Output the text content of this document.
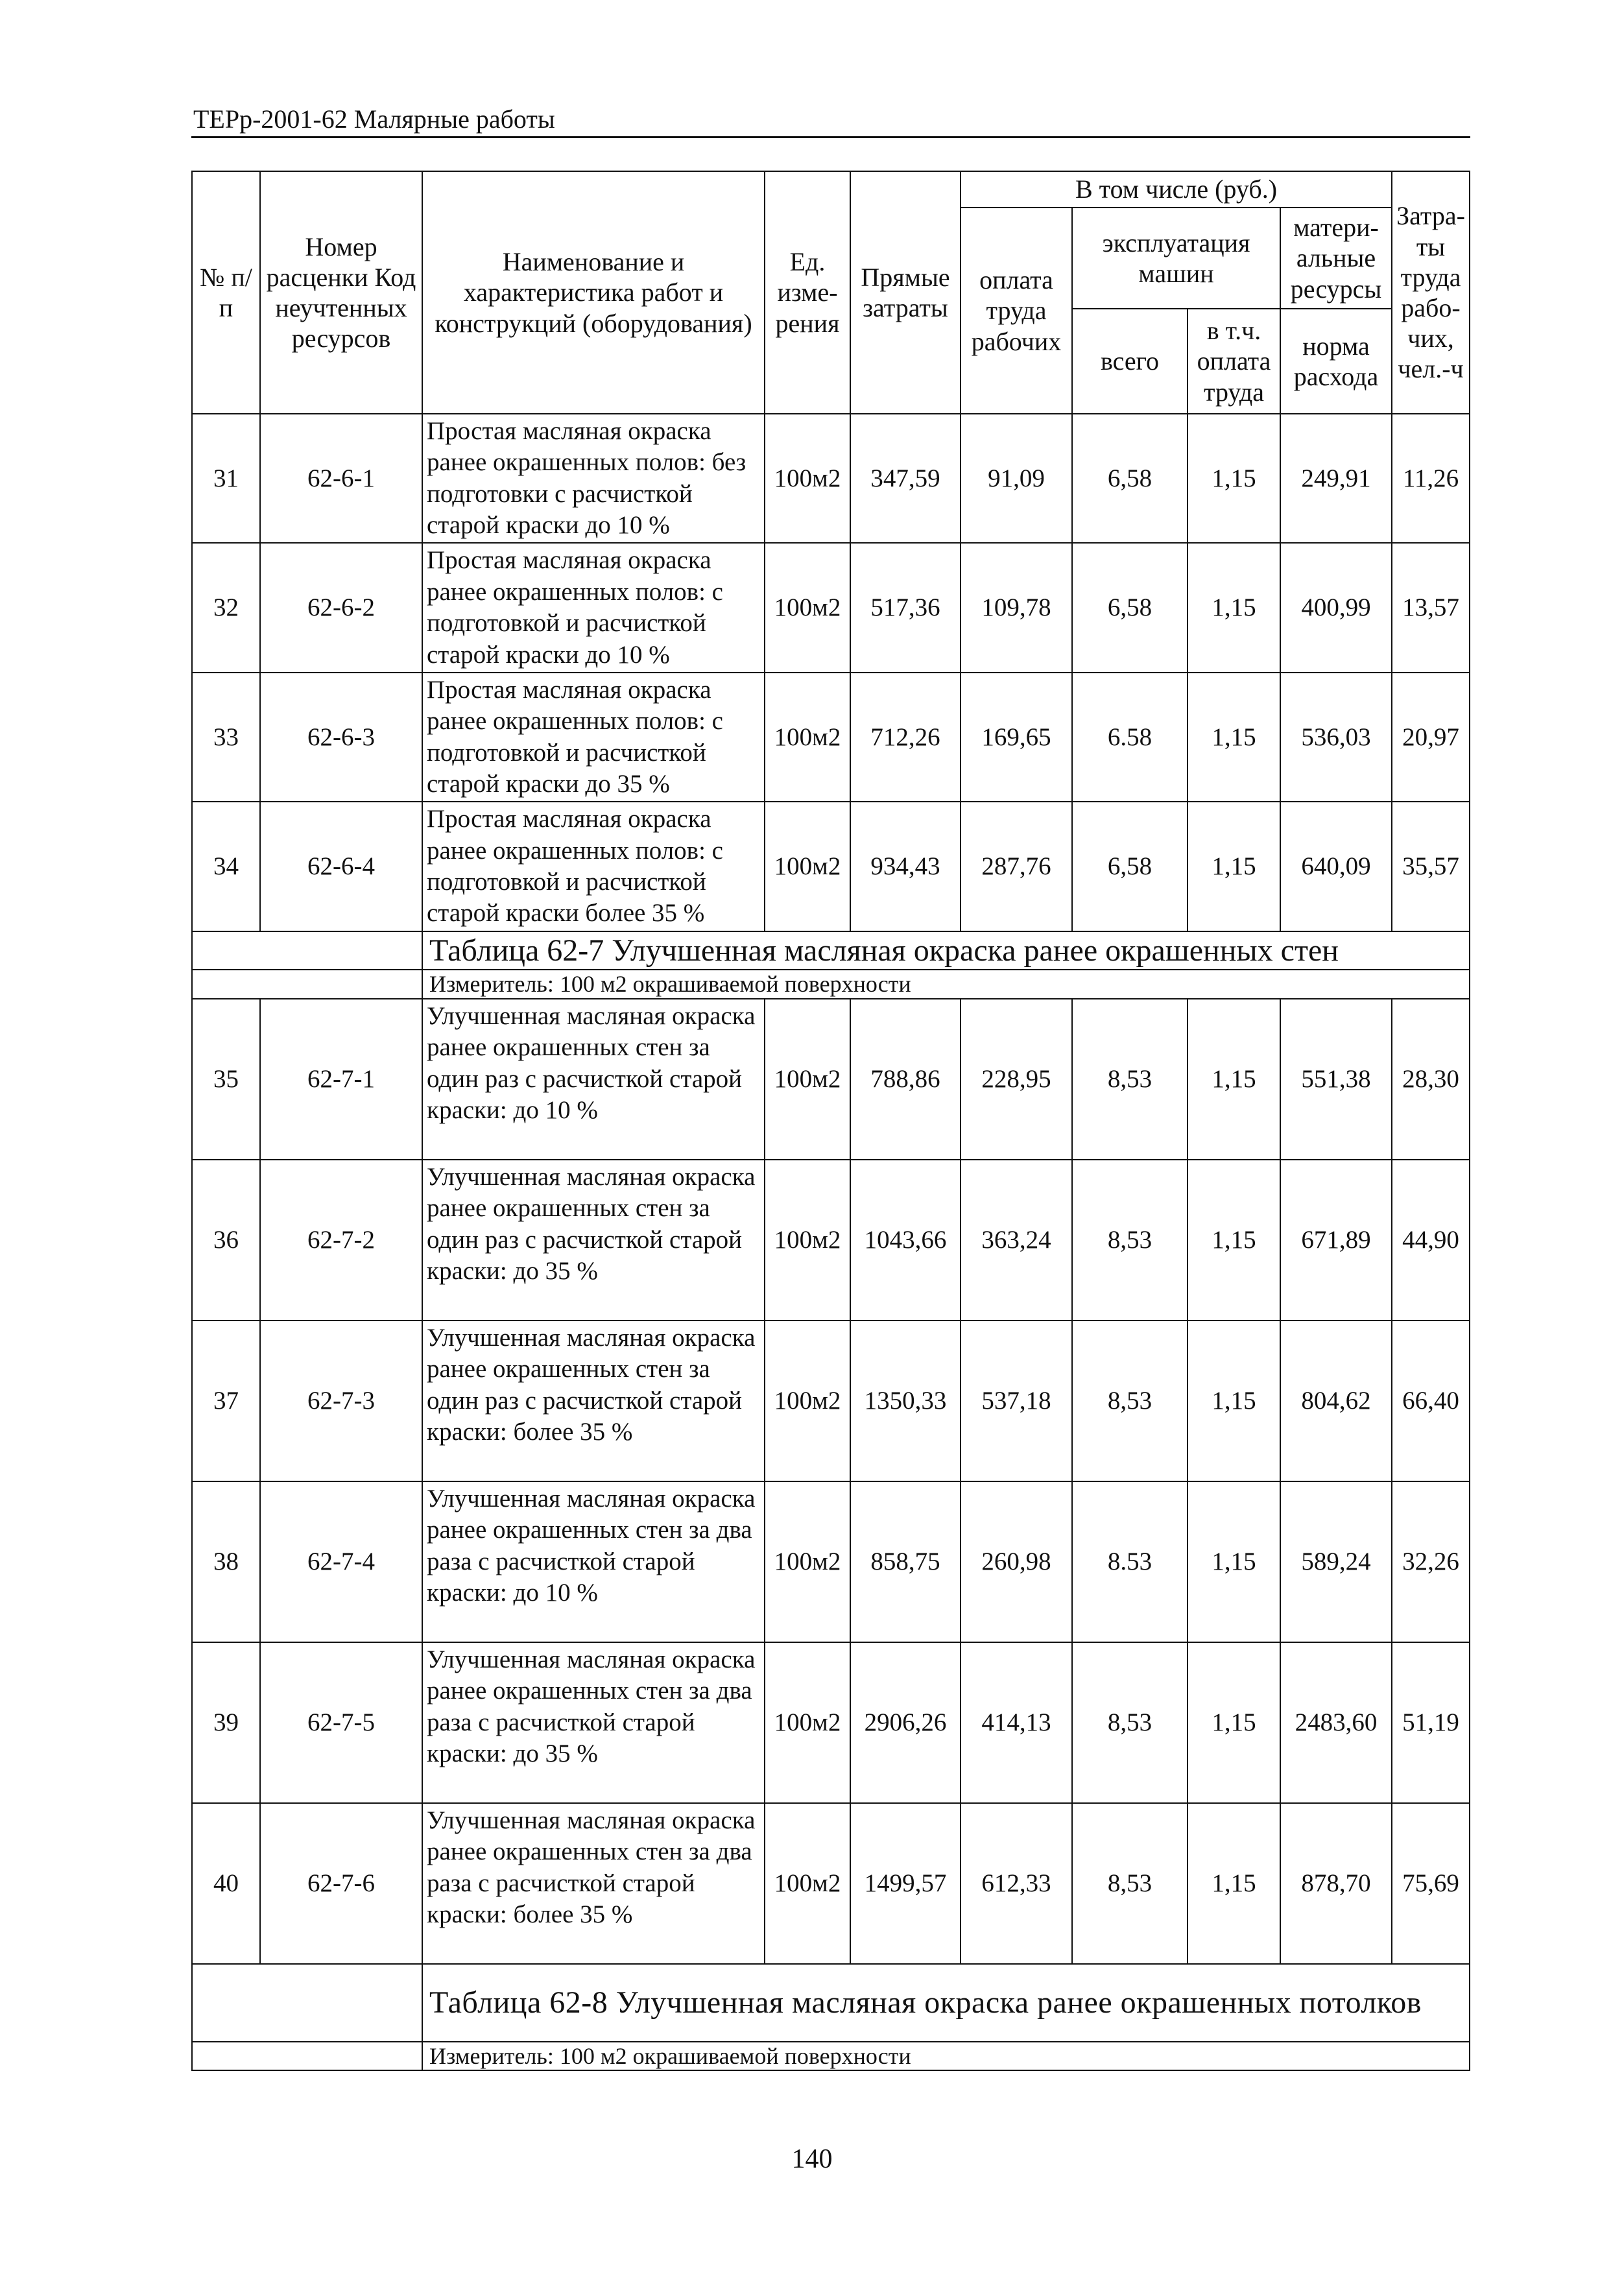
ТЕРр-2001-62 Малярные работы
№ п/п	Номер расценки Код неучтенных ресурсов	Наименование и характеристика работ и конструкций (оборудования)	Ед. изме- рения	Прямые затраты	В том числе (руб.)				Затра- ты труда рабо- чих, чел.-ч
					оплата труда рабочих	эксплуатация машин		матери- альные ресурсы	

						всего	в т.ч. оплата труда	норма расхода	
31	62-6-1	Простая масляная окраска ранее окрашенных полов: без подготовки с расчисткой старой краски до 10 %	100м2	347,59	91,09	6,58	1,15	249,91	11,26
32	62-6-2	Простая масляная окраска ранее окрашенных полов: с подготовкой и расчисткой старой краски до 10 %	100м2	517,36	109,78	6,58	1,15	400,99	13,57
33	62-6-3	Простая масляная окраска ранее окрашенных полов: с подготовкой и расчисткой старой краски до 35 %	100м2	712,26	169,65	6.58	1,15	536,03	20,97
34	62-6-4	Простая масляная окраска ранее окрашенных полов: с подготовкой и расчисткой старой краски более 35 %	100м2	934,43	287,76	6,58	1,15	640,09	35,57
		Таблица 62-7 Улучшенная масляная окраска ранее окрашенных стен							
		Измеритель: 100 м2 окрашиваемой поверхности							
35	62-7-1	Улучшенная масляная окраска ранее окрашенных стен за один раз с расчисткой старой краски: до 10 %	100м2	788,86	228,95	8,53	1,15	551,38	28,30
36	62-7-2	Улучшенная масляная окраска ранее окрашенных стен за один раз с расчисткой старой краски: до 35 %	100м2	1043,66	363,24	8,53	1,15	671,89	44,90
37	62-7-3	Улучшенная масляная окраска ранее окрашенных стен за один раз с расчисткой старой краски: более 35 %	100м2	1350,33	537,18	8,53	1,15	804,62	66,40
38	62-7-4	Улучшенная масляная окраска ранее окрашенных стен за два раза с расчисткой старой краски: до 10 %	100м2	858,75	260,98	8.53	1,15	589,24	32,26
39	62-7-5	Улучшенная масляная окраска ранее окрашенных стен за два раза с расчисткой старой краски: до 35 %	100м2	2906,26	414,13	8,53	1,15	2483,60	51,19
40	62-7-6	Улучшенная масляная окраска ранее окрашенных стен за два раза с расчисткой старой краски: более 35 %	100м2	1499,57	612,33	8,53	1,15	878,70	75,69
		Таблица 62-8 Улучшенная масляная окраска ранее окрашенных потолков							
		Измеритель: 100 м2 окрашиваемой поверхности							
140
